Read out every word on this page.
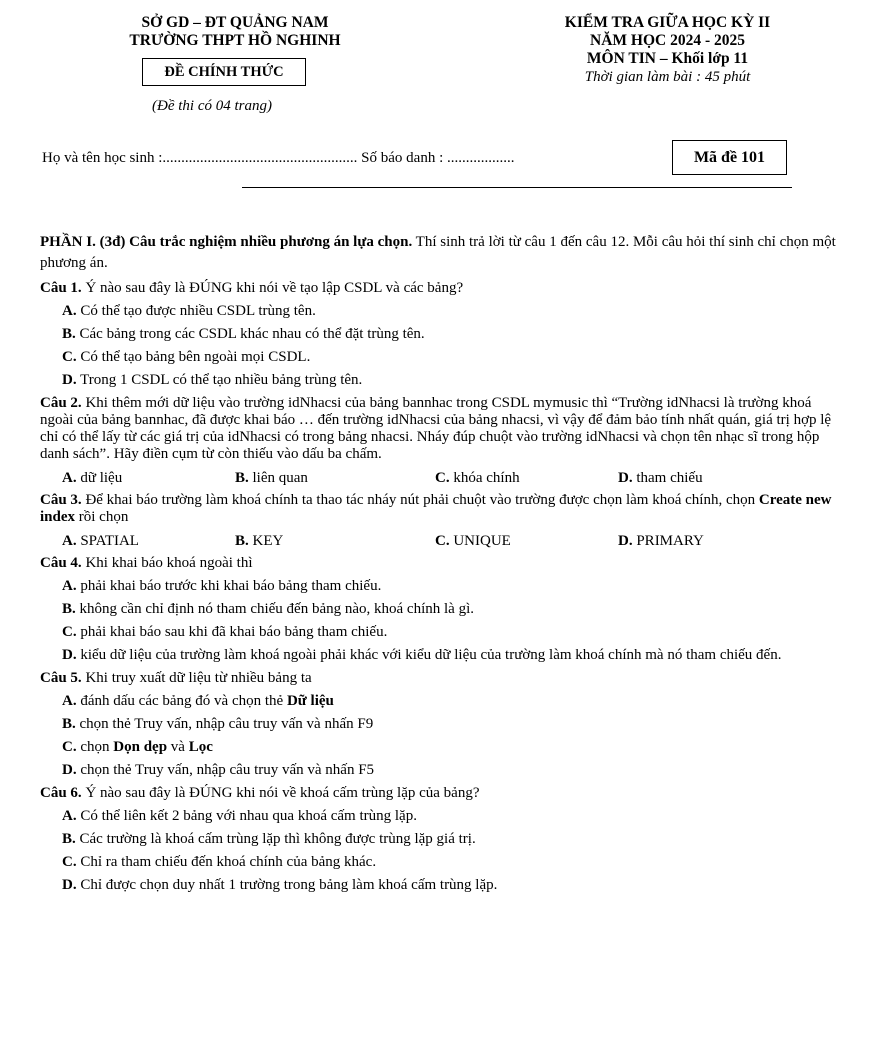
SỞ GD – ĐT QUẢNG NAM
TRƯỜNG THPT HỒ NGHINH
ĐỀ CHÍNH THỨC
(Đề thi có 04 trang)
KIỂM TRA GIỮA HỌC KỲ II
NĂM HỌC 2024 - 2025
MÔN TIN – Khối lớp 11
Thời gian làm bài : 45 phút
Họ và tên học sinh :.................................................... Số báo danh : ..................	Mã đề 101

PHẦN I. (3đ) Câu trắc nghiệm nhiều phương án lựa chọn. Thí sinh trả lời từ câu 1 đến câu 12. Mỗi câu hỏi thí sinh chỉ chọn một phương án.

Câu 1. Ý nào sau đây là ĐÚNG khi nói về tạo lập CSDL và các bảng?

A. Có thể tạo được nhiều CSDL trùng tên.

B. Các bảng trong các CSDL khác nhau có thể đặt trùng tên.

C. Có thể tạo bảng bên ngoài mọi CSDL.

D. Trong 1 CSDL có thể tạo nhiều bảng trùng tên.

Câu 2. Khi thêm mới dữ liệu vào trường idNhacsi của bảng bannhac trong CSDL mymusic thì “Trường idNhacsi là trường khoá ngoài của bảng bannhac, đã được khai báo … đến trường idNhacsi của bảng nhacsi, vì vậy để đảm bảo tính nhất quán, giá trị hợp lệ chỉ có thể lấy từ các giá trị của idNhacsi có trong bảng nhacsi. Nháy đúp chuột vào trường idNhacsi và chọn tên nhạc sĩ trong hộp danh sách”. Hãy điền cụm từ còn thiếu vào dấu ba chấm.

A. dữ liệu	B. liên quan	C. khóa chính	D. tham chiếu

Câu 3. Để khai báo trường làm khoá chính ta thao tác nháy nút phải chuột vào trường được chọn làm khoá chính, chọn Create new index rồi chọn

A. SPATIAL	B. KEY	C. UNIQUE	D. PRIMARY

Câu 4. Khi khai báo khoá ngoài thì

A. phải khai báo trước khi khai báo bảng tham chiếu.

B. không cần chỉ định nó tham chiếu đến bảng nào, khoá chính là gì.

C. phải khai báo sau khi đã khai báo bảng tham chiếu.

D. kiểu dữ liệu của trường làm khoá ngoài phải khác với kiểu dữ liệu của trường làm khoá chính mà nó tham chiếu đến.

Câu 5. Khi truy xuất dữ liệu từ nhiều bảng ta

A. đánh dấu các bảng đó và chọn thẻ Dữ liệu

B. chọn thẻ Truy vấn, nhập câu truy vấn và nhấn F9

C. chọn Dọn dẹp và Lọc

D. chọn thẻ Truy vấn, nhập câu truy vấn và nhấn F5

Câu 6. Ý nào sau đây là ĐÚNG khi nói về khoá cấm trùng lặp của bảng?

A. Có thể liên kết 2 bảng với nhau qua khoá cấm trùng lặp.

B. Các trường là khoá cấm trùng lặp thì không được trùng lặp giá trị.

C. Chỉ ra tham chiếu đến khoá chính của bảng khác.

D. Chỉ được chọn duy nhất 1 trường trong bảng làm khoá cấm trùng lặp.
